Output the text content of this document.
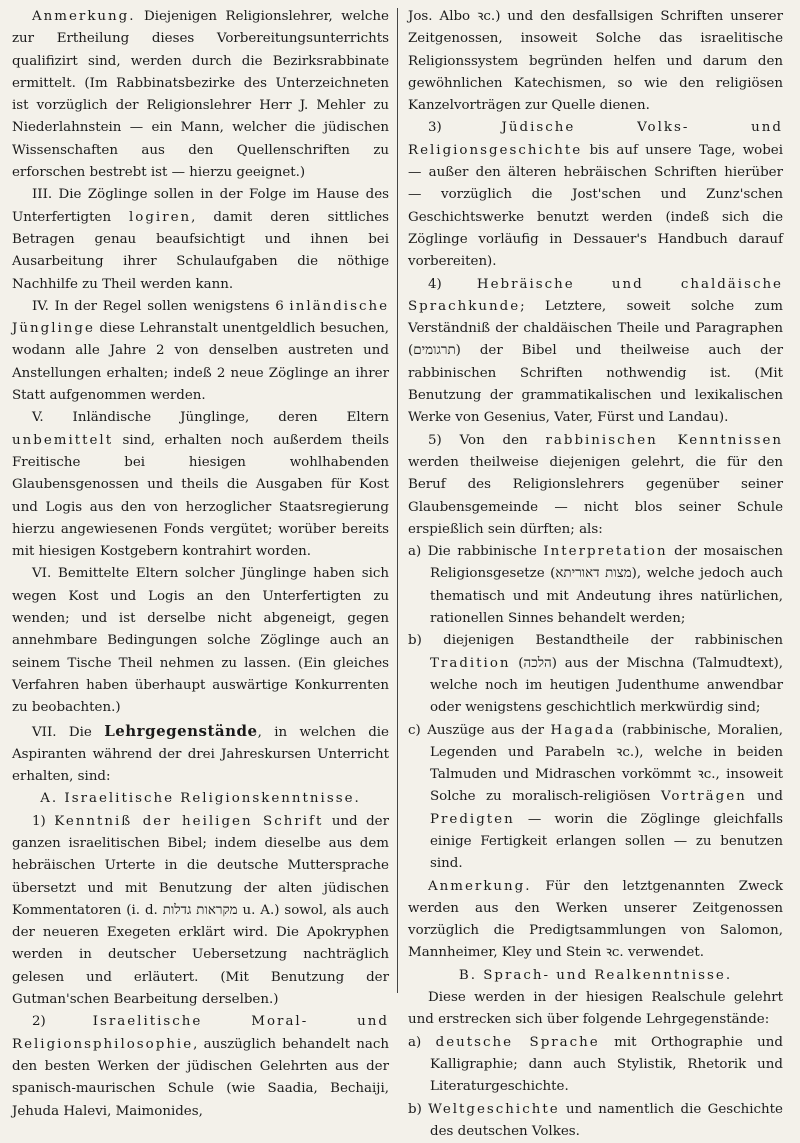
Anmerkung. Diejenigen Religionslehrer, welche zur Ertheilung dieses Vorbereitungsunterrichts qualifizirt sind, werden durch die Bezirksrabbinate ermittelt. (Im Rabbinatsbezirke des Unterzeichneten ist vorzüglich der Religionslehrer Herr J. Mehler zu Niederlahnstein — ein Mann, welcher die jüdischen Wissenschaften aus den Quellenschriften zu erforschen bestrebt ist — hierzu geeignet.)

III. Die Zöglinge sollen in der Folge im Hause des Unterfertigten logiren, damit deren sittliches Betragen genau beaufsichtigt und ihnen bei Ausarbeitung ihrer Schulaufgaben die nöthige Nachhilfe zu Theil werden kann.

IV. In der Regel sollen wenigstens 6 inländische Jünglinge diese Lehranstalt unentgeldlich besuchen, wodann alle Jahre 2 von denselben austreten und Anstellungen erhalten; indeß 2 neue Zöglinge an ihrer Statt aufgenommen werden.

V. Inländische Jünglinge, deren Eltern unbemittelt sind, erhalten noch außerdem theils Freitische bei hiesigen wohlhabenden Glaubensgenossen und theils die Ausgaben für Kost und Logis aus den von herzoglicher Staatsregierung hierzu angewiesenen Fonds vergütet; worüber bereits mit hiesigen Kostgebern kontrahirt worden.

VI. Bemittelte Eltern solcher Jünglinge haben sich wegen Kost und Logis an den Unterfertigten zu wenden; und ist derselbe nicht abgeneigt, gegen annehmbare Bedingungen solche Zöglinge auch an seinem Tische Theil nehmen zu lassen. (Ein gleiches Verfahren haben überhaupt auswärtige Konkurrenten zu beobachten.)

VII. Die Lehrgegenstände, in welchen die Aspiranten während der drei Jahreskursen Unterricht erhalten, sind:

A. Israelitische Religionskenntnisse.

1) Kenntniß der heiligen Schrift und der ganzen israelitischen Bibel; indem dieselbe aus dem hebräischen Urterte in die deutsche Muttersprache übersetzt und mit Benutzung der alten jüdischen Kommentatoren (i. d. מקראות גדלות u. A.) sowol, als auch der neueren Exegeten erklärt wird. Die Apokryphen werden in deutscher Uebersetzung nachträglich gelesen und erläutert. (Mit Benutzung der Gutman'schen Bearbeitung derselben.)

2) Israelitische Moral- und Religionsphilosophie, auszüglich behandelt nach den besten Werken der jüdischen Gelehrten aus der spanisch-maurischen Schule (wie Saadia, Bechaiji, Jehuda Halevi, Maimonides,

Jos. Albo ꝛc.) und den desfallsigen Schriften unserer Zeitgenossen, insoweit Solche das israelitische Religionssystem begründen helfen und darum den gewöhnlichen Katechismen, so wie den religiösen Kanzelvorträgen zur Quelle dienen.

3) Jüdische Volks- und Religionsgeschichte bis auf unsere Tage, wobei — außer den älteren hebräischen Schriften hierüber — vorzüglich die Jost'schen und Zunz'schen Geschichtswerke benutzt werden (indeß sich die Zöglinge vorläufig in Dessauer's Handbuch darauf vorbereiten).

4) Hebräische und chaldäische Sprachkunde; Letztere, soweit solche zum Verständniß der chaldäischen Theile und Paragraphen (תרגומים) der Bibel und theilweise auch der rabbinischen Schriften nothwendig ist. (Mit Benutzung der grammatikalischen und lexikalischen Werke von Gesenius, Vater, Fürst und Landau).

5) Von den rabbinischen Kenntnissen werden theilweise diejenigen gelehrt, die für den Beruf des Religionslehrers gegenüber seiner Glaubensgemeinde — nicht blos seiner Schule erspießlich sein dürften; als:

a) Die rabbinische Interpretation der mosaischen Religionsgesetze (מצות דאוריתא), welche jedoch auch thematisch und mit Andeutung ihres natürlichen, rationellen Sinnes behandelt werden;

b) diejenigen Bestandtheile der rabbinischen Tradition (הלכה) aus der Mischna (Talmudtext), welche noch im heutigen Judenthume anwendbar oder wenigstens geschichtlich merkwürdig sind;

c) Auszüge aus der Hagada (rabbinische, Moralien, Legenden und Parabeln ꝛc.), welche in beiden Talmuden und Midraschen vorkömmt ꝛc., insoweit Solche zu moralisch-religiösen Vorträgen und Predigten — worin die Zöglinge gleichfalls einige Fertigkeit erlangen sollen — zu benutzen sind.

Anmerkung. Für den letztgenannten Zweck werden aus den Werken unserer Zeitgenossen vorzüglich die Predigtsammlungen von Salomon, Mannheimer, Kley und Stein ꝛc. verwendet.

B. Sprach- und Realkenntnisse.

Diese werden in der hiesigen Realschule gelehrt und erstrecken sich über folgende Lehrgegenstände:

a) deutsche Sprache mit Orthographie und Kalligraphie; dann auch Stylistik, Rhetorik und Literaturgeschichte.

b) Weltgeschichte und namentlich die Geschichte des deutschen Volkes.
